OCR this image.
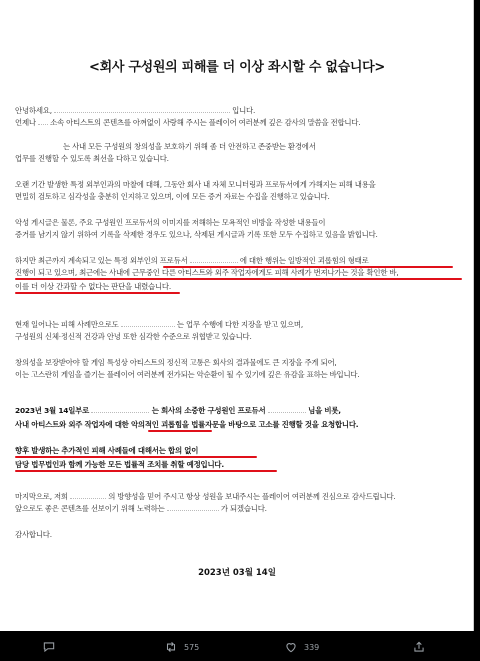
<회사 구성원의 피해를 더 이상 좌시할 수 없습니다>
안녕하세요,	입니다.
언제나 소속 아티스트의 콘텐츠를 아껴없이 사랑해 주시는 플레이어 여러분께 깊은 감사의 말씀을 전합니다.
는 사내 모든 구성원의 창의성을 보호하기 위해 좀 더 안전하고 존중받는 환경에서
업무를 진행할 수 있도록 최선을 다하고 있습니다.
오랜 기간 발생한 특정 외부인과의 마찰에 대해, 그동안 회사 내 자체 모니터링과 프로듀서에게 가해지는 피해 내용을
면밀히 검토하고 심각성을 충분히 인지하고 있으며, 이에 모든 증거 자료는 수집을 진행하고 있습니다.
악성 게시글은 물론, 주요 구성원인 프로듀서의 이미지를 저해하는 모욕적인 비방을 작성한 내용들이
증거를 남기지 않기 위하여 기록을 삭제한 경우도 있으나, 삭제된 게시글과 기록 또한 모두 수집하고 있음을 밝힙니다.
하지만 최근까지 계속되고 있는 특정 외부인의 프로듀서	에 대한 행위는 일방적인 괴롭힘의 형태로
진행이 되고 있으며, 최근에는 사내에 근무중인 다른 아티스트와 외주 작업자에게도 피해 사례가 번져나가는 것을 확인한 바,
이를 더 이상 간과할 수 없다는 판단을 내렸습니다.
현재 일어나는 피해 사례만으로도	는 업무 수행에 다한 지장을 받고 있으며,
구성원의 신체·정신적 건강과 안녕 또한 심각한 수준으로 위협받고 있습니다.
창의성을 보장받아야 할 게임 특성상 아티스트의 정신적 고통은 회사의 결과물에도 큰 지장을 주게 되어,
이는 고스란히 게임을 즐기는 플레이어 여러분께 전가되는 악순환이 될 수 있기에 깊은 유감을 표하는 바입니다.
2023년 3월 14일부로	는 회사의 소중한 구성원인 프로듀서	님을 비롯,
사내 아티스트와 외주 작업자에 대한 악의적인 괴롭힘을 법률자문을 바탕으로 고소를 진행할 것을 요청합니다.
향후 발생하는 추가적인 피해 사례들에 대해서는 합의 없이
담당 법무법인과 함께 가능한 모든 법률적 조치를 취할 예정입니다.
마지막으로, 저희	의 방향성을 믿어 주시고 항상 성원을 보내주시는 플레이어 여러분께 진심으로 감사드립니다.
앞으로도 좋은 콘텐츠를 선보이기 위해 노력하는	가 되겠습니다.
감사합니다.
2023년 03월 14일
575	339
